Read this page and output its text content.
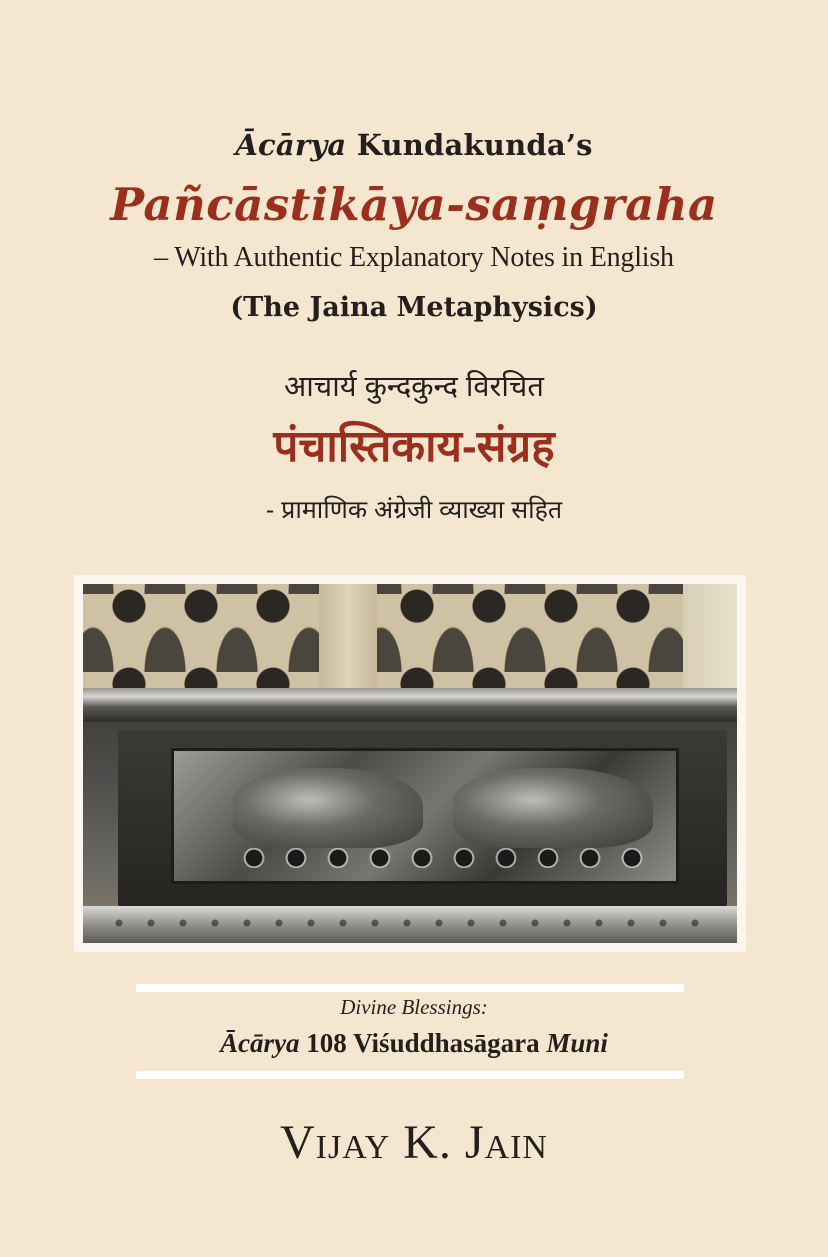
Ācārya Kundakunda’s
Pañcāstikāya-saṃgraha
– With Authentic Explanatory Notes in English
(The Jaina Metaphysics)
आचार्य कुन्दकुन्द विरचित
पंचास्तिकाय-संग्रह
- प्रामाणिक अंग्रेजी व्याख्या सहित
Divine Blessings:
Ācārya 108 Viśuddhasāgara Muni
Vijay K. Jain
